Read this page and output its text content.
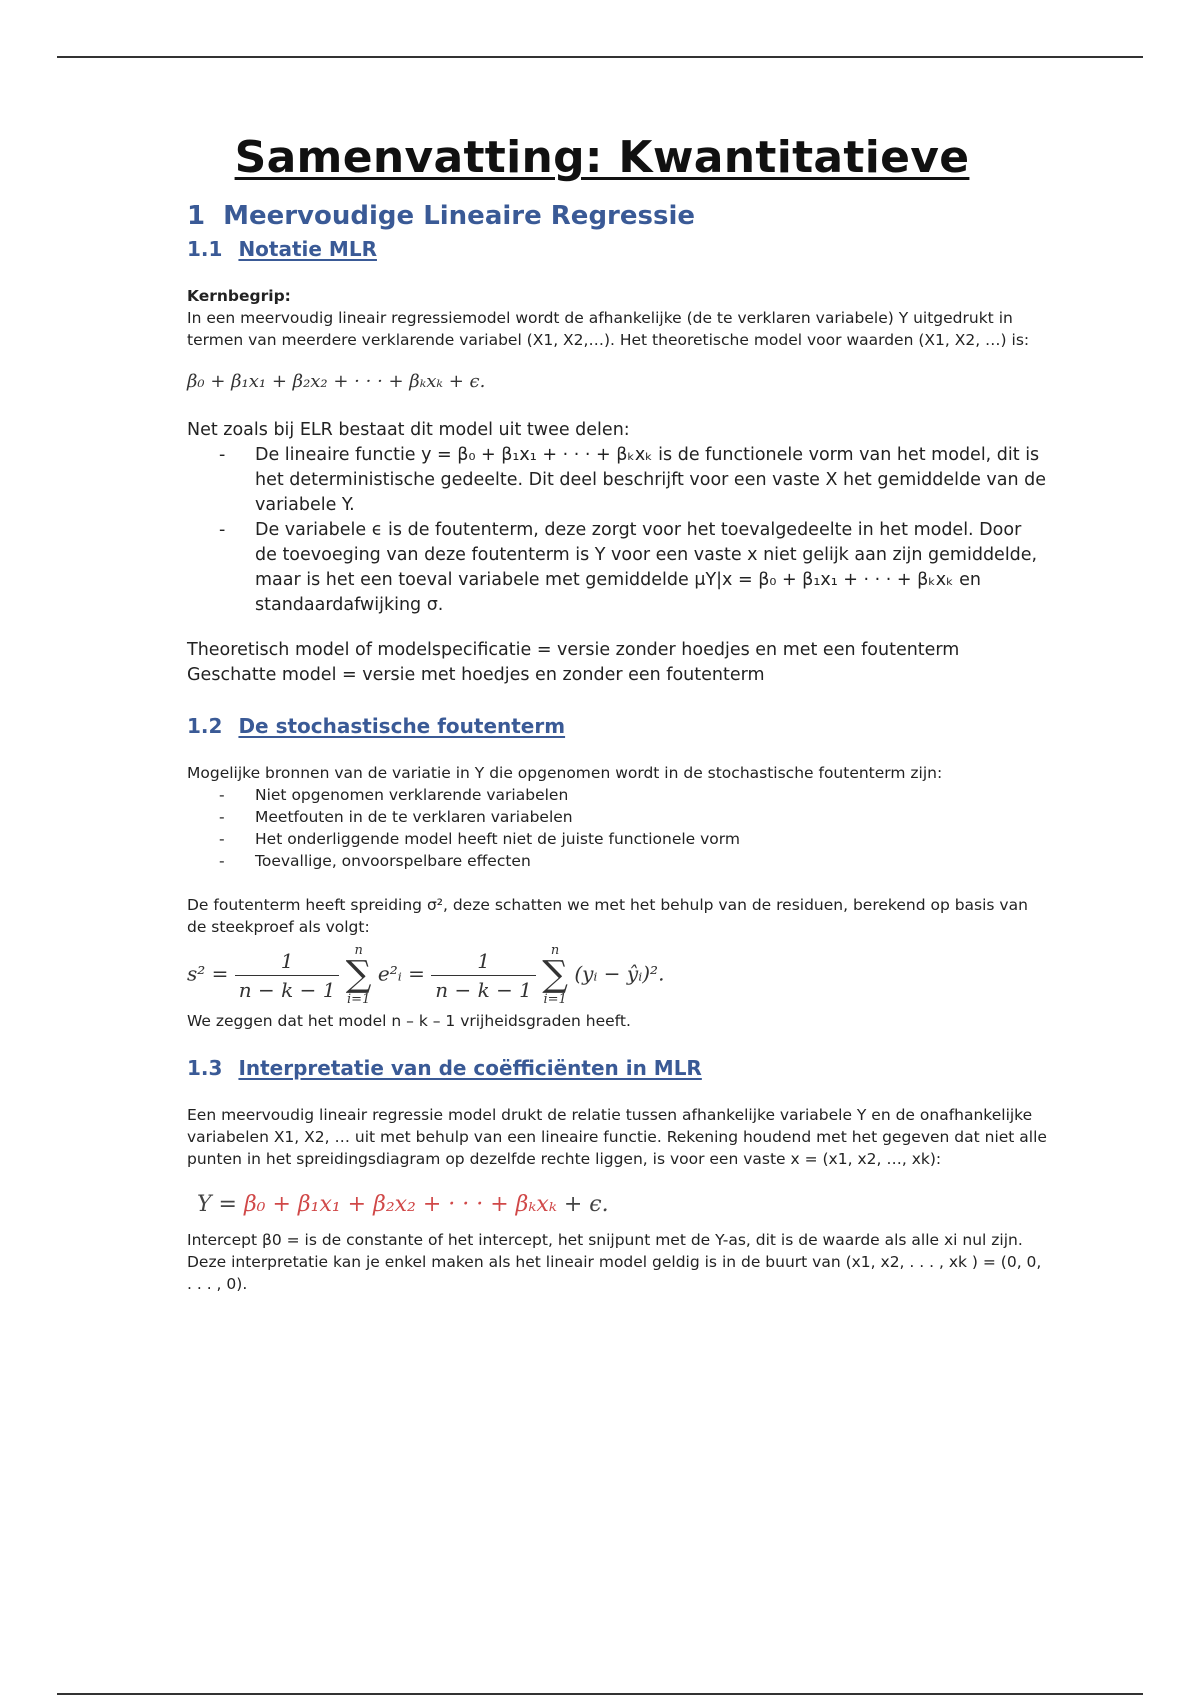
Samenvatting: Kwantitatieve
1 Meervoudige Lineaire Regressie
1.1 Notatie MLR

Kernbegrip:

In een meervoudig lineair regressiemodel wordt de afhankelijke (de te verklaren variabele) Y uitgedrukt in termen van meerdere verklarende variabel (X1, X2,…). Het theoretische model voor waarden (X1, X2, …) is:

β₀ + β₁x₁ + β₂x₂ + · · · + βₖxₖ + ϵ.

Net zoals bij ELR bestaat dit model uit twee delen:

- De lineaire functie y = β₀ + β₁x₁ + · · · + βₖxₖ is de functionele vorm van het model, dit is het deterministische gedeelte. Dit deel beschrijft voor een vaste X het gemiddelde van de variabele Y.
- De variabele ϵ is de foutenterm, deze zorgt voor het toevalgedeelte in het model. Door de toevoeging van deze foutenterm is Y voor een vaste x niet gelijk aan zijn gemiddelde, maar is het een toeval variabele met gemiddelde μY|x = β₀ + β₁x₁ + · · · + βₖxₖ en standaardafwijking σ.

Theoretisch model of modelspecificatie = versie zonder hoedjes en met een foutenterm

Geschatte model = versie met hoedjes en zonder een foutenterm

1.2 De stochastische foutenterm

Mogelijke bronnen van de variatie in Y die opgenomen wordt in de stochastische foutenterm zijn:

- Niet opgenomen verklarende variabelen
- Meetfouten in de te verklaren variabelen
- Het onderliggende model heeft niet de juiste functionele vorm
- Toevallige, onvoorspelbare effecten

De foutenterm heeft spreiding σ², deze schatten we met het behulp van de residuen, berekend op basis van de steekproef als volgt:

$s^2 = \frac{1}{n - k - 1}$
	n
∑
i=1
e²ᵢ = $\frac{1}{n - k - 1}$
	n
∑
i=1
(yᵢ − ŷᵢ)².

We zeggen dat het model n – k – 1 vrijheidsgraden heeft.

1.3 Interpretatie van de coëfficiënten in MLR

Een meervoudig lineair regressie model drukt de relatie tussen afhankelijke variabele Y en de onafhankelijke variabelen X1, X2, … uit met behulp van een lineaire functie. Rekening houdend met het gegeven dat niet alle punten in het spreidingsdiagram op dezelfde rechte liggen, is voor een vaste x = (x1, x2, …, xk):

Y = β₀ + β₁x₁ + β₂x₂ + · · · + βₖxₖ + ϵ.

Intercept β0 = is de constante of het intercept, het snijpunt met de Y-as, dit is de waarde als alle xi nul zijn. Deze interpretatie kan je enkel maken als het lineair model geldig is in de buurt van (x1, x2, . . . , xk ) = (0, 0, . . . , 0).
